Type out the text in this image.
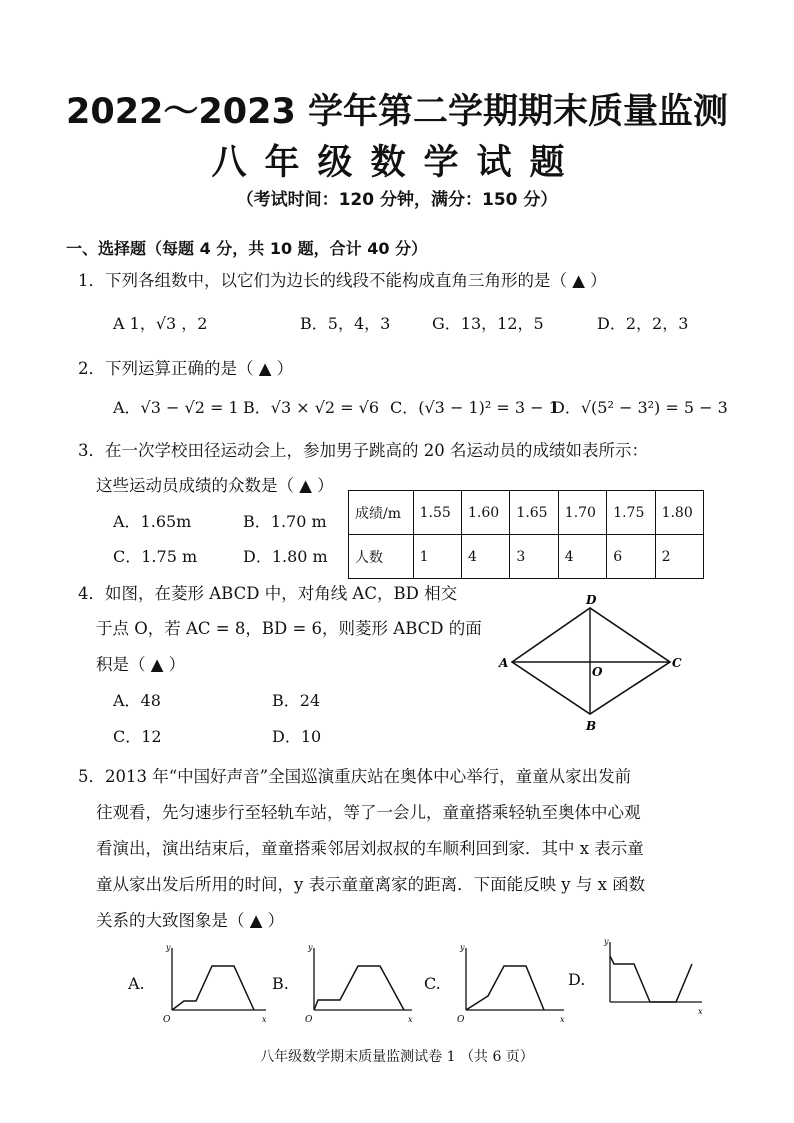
2022～2023 学年第二学期期末质量监测
八年级数学试题
（考试时间：120 分钟，满分：150 分）
一、选择题（每题 4 分，共 10 题，合计 40 分）
1．下列各组数中，以它们为边长的线段不能构成直角三角形的是（ ▲ ）
A 1，√3 ，2	B．5，4，3	G．13，12，5	D．2，2，3
2．下列运算正确的是（ ▲ ）
A．√3 − √2 = 1 B．√3 × √2 = √6 C．(√3 − 1)² = 3 − 1
D．√(5² − 3²) = 5 − 3
3．在一次学校田径运动会上，参加男子跳高的 20 名运动员的成绩如表所示：
这些运动员成绩的众数是（ ▲ ）
A．1.65m	B．1.70 m
C．1.75 m	D．1.80 m
成绩/m	1.55	1.60	1.65	1.70	1.75	1.80
人数	1	4	3	4	6	2
4．如图，在菱形 ABCD 中，对角线 AC，BD 相交
于点 O，若 AC = 8，BD = 6，则菱形 ABCD 的面
积是（ ▲ ）
A．48	B．24
C．12	D．10
A
D
C
B
O
5．2013 年“中国好声音”全国巡演重庆站在奥体中心举行，童童从家出发前
往观看，先匀速步行至轻轨车站，等了一会儿，童童搭乘轻轨至奥体中心观
看演出，演出结束后，童童搭乘邻居刘叔叔的车顺利回到家．其中 x 表示童
童从家出发后所用的时间，y 表示童童离家的距离．下面能反映 y 与 x 函数
关系的大致图象是（ ▲ ）
A.
y
x
O
B.
y
x
O
C.
y
x
O
D.
y
x
八年级数学期末质量监测试卷 1 （共 6 页）
